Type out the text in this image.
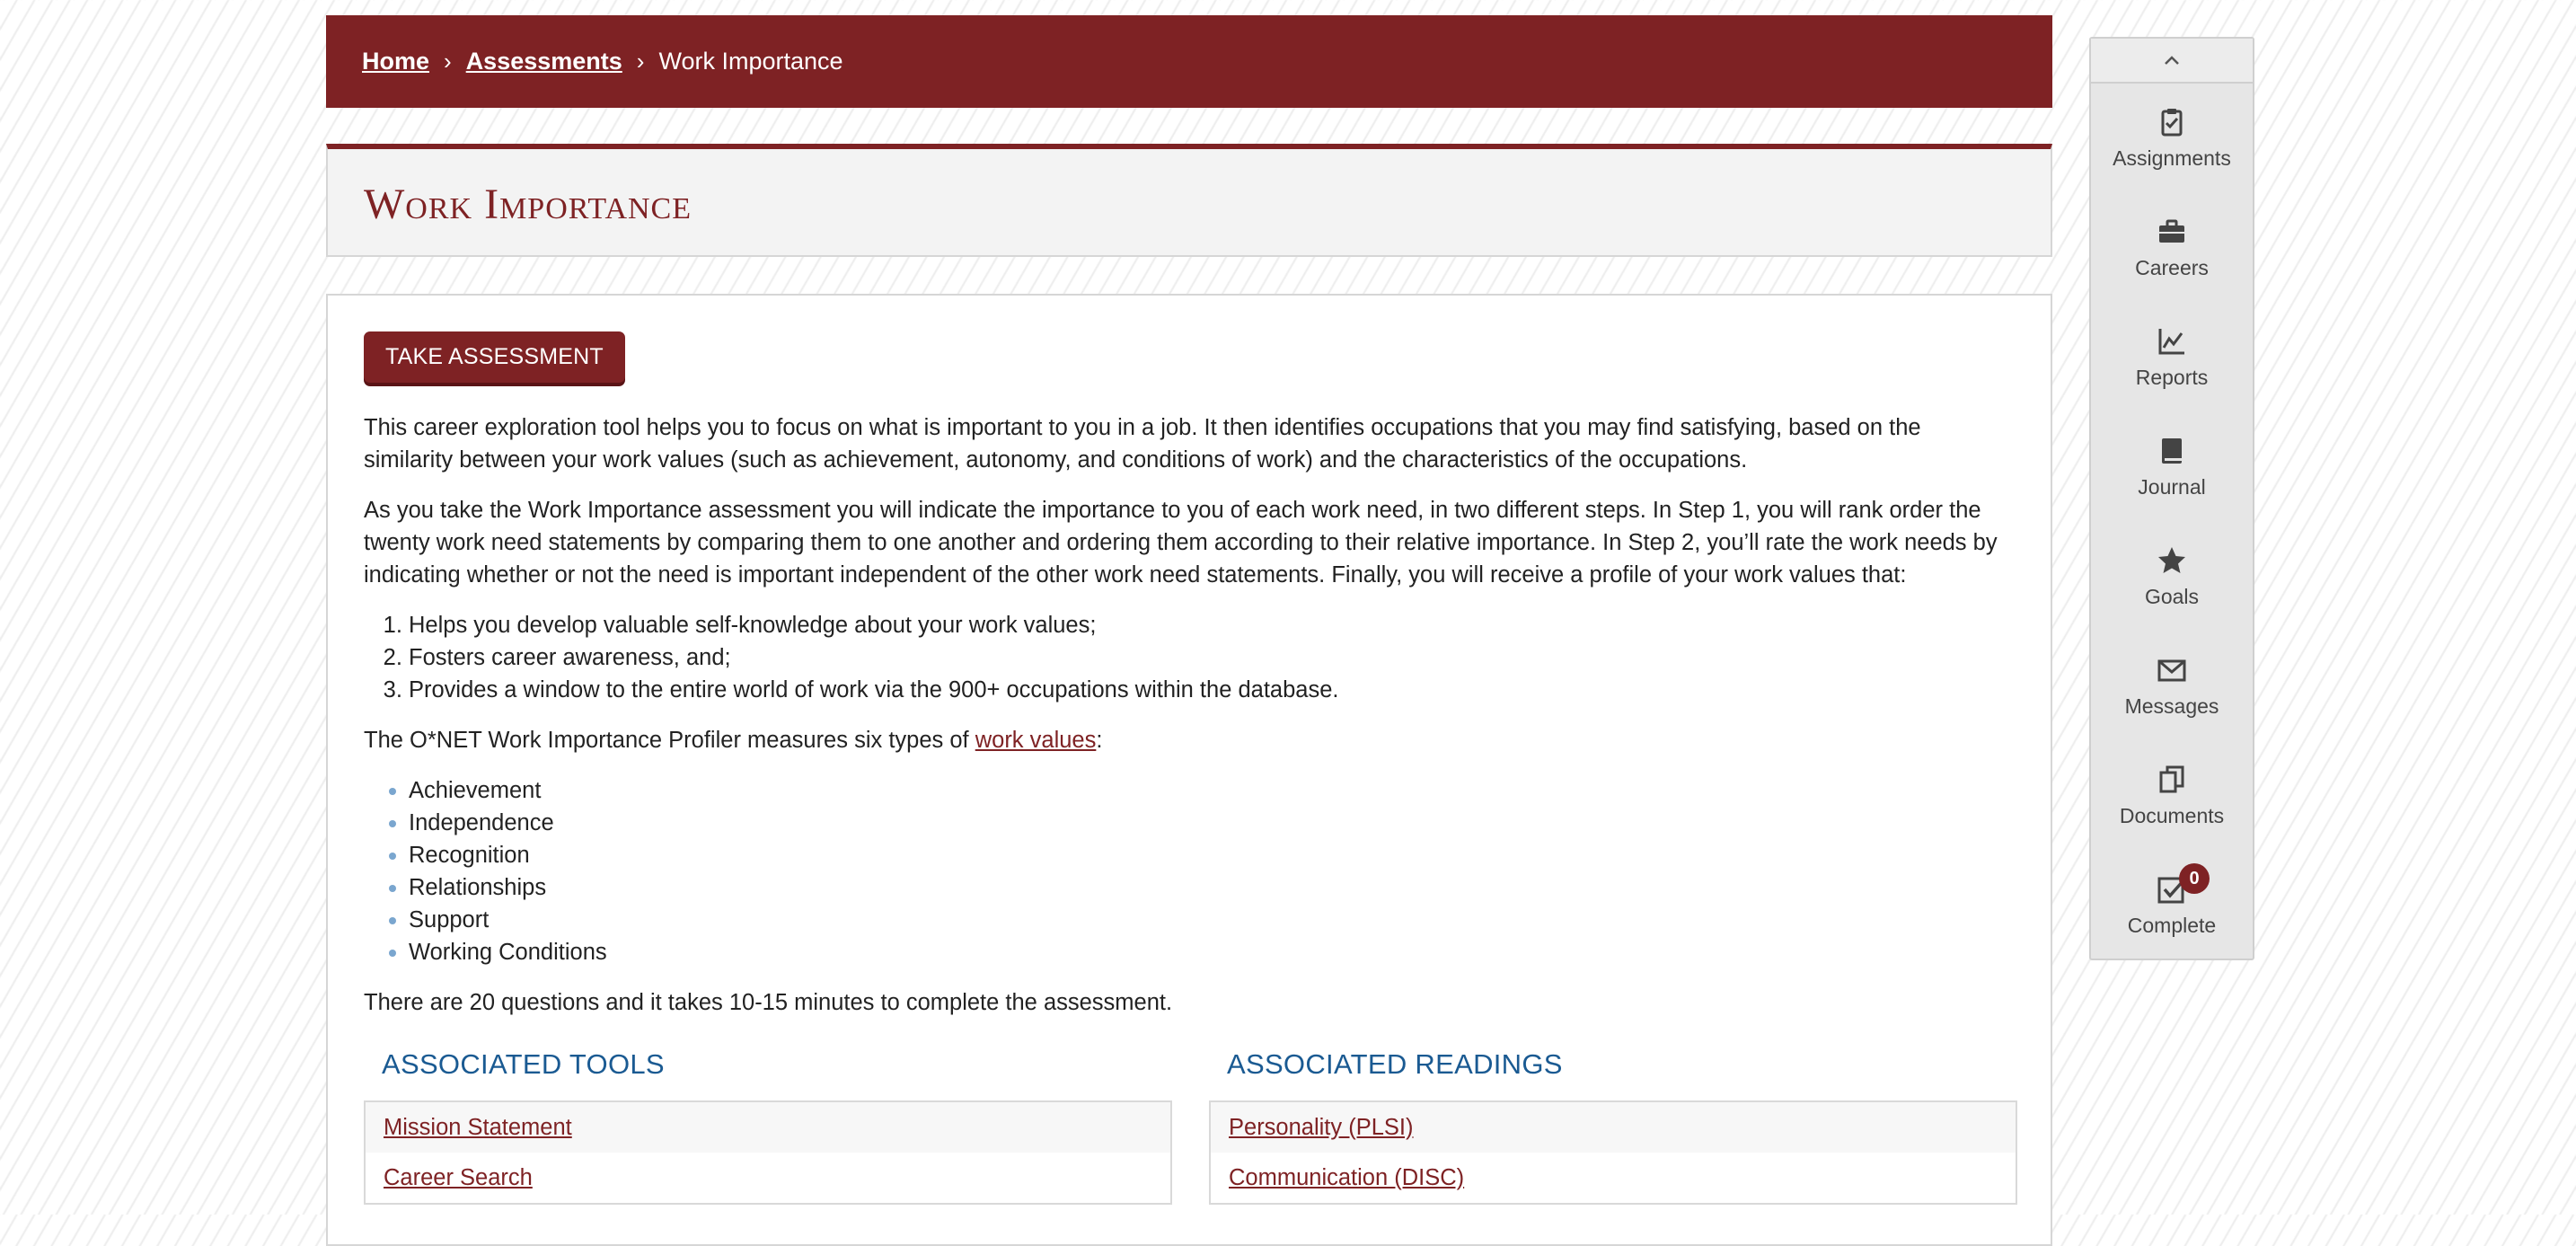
Home › Assessments › Work Importance
Work Importance
TAKE ASSESSMENT

This career exploration tool helps you to focus on what is important to you in a job. It then identifies occupations that you may find satisfying, based on the similarity between your work values (such as achievement, autonomy, and conditions of work) and the characteristics of the occupations.

As you take the Work Importance assessment you will indicate the importance to you of each work need, in two different steps. In Step 1, you will rank order the twenty work need statements by comparing them to one another and ordering them according to their relative importance. In Step 2, you’ll rate the work needs by indicating whether or not the need is important independent of the other work need statements. Finally, you will receive a profile of your work values that:

1. Helps you develop valuable self-knowledge about your work values;
2. Fosters career awareness, and;
3. Provides a window to the entire world of work via the 900+ occupations within the database.

The O*NET Work Importance Profiler measures six types of work values:

Achievement
Independence
Recognition
Relationships
Support
Working Conditions

There are 20 questions and it takes 10-15 minutes to complete the assessment.

ASSOCIATED TOOLS
Mission Statement
Career Search
ASSOCIATED READINGS
Personality (PLSI)
Communication (DISC)
Assignments
Careers
Reports
Journal
Goals
Messages
Documents
0
Complete
